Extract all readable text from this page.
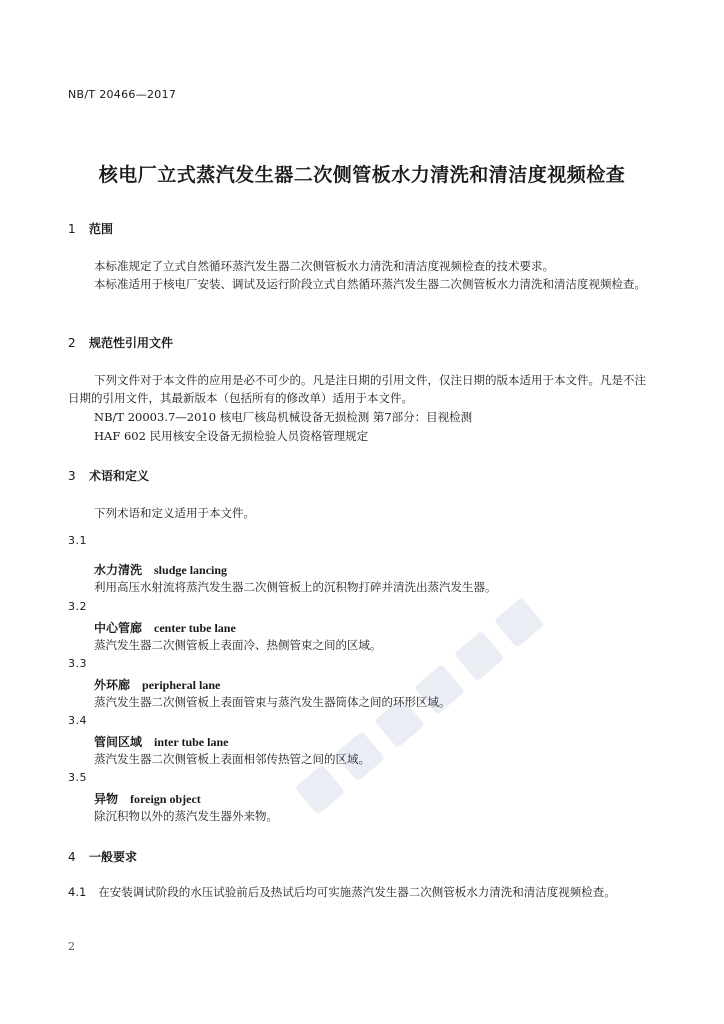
NB/T 20466—2017
核电厂立式蒸汽发生器二次侧管板水力清洗和清洁度视频检查
1 范围

本标准规定了立式自然循环蒸汽发生器二次侧管板水力清洗和清洁度视频检查的技术要求。

本标准适用于核电厂安装、调试及运行阶段立式自然循环蒸汽发生器二次侧管板水力清洗和清洁度视频检查。

2 规范性引用文件

下列文件对于本文件的应用是必不可少的。凡是注日期的引用文件，仅注日期的版本适用于本文件。凡是不注日期的引用文件，其最新版本（包括所有的修改单）适用于本文件。

NB/T 20003.7—2010 核电厂核岛机械设备无损检测 第7部分：目视检测
HAF 602 民用核安全设备无损检验人员资格管理规定
3 术语和定义

下列术语和定义适用于本文件。

3.1
水力清洗 sludge lancing
利用高压水射流将蒸汽发生器二次侧管板上的沉积物打碎并清洗出蒸汽发生器。
3.2
中心管廊 center tube lane
蒸汽发生器二次侧管板上表面冷、热侧管束之间的区域。
3.3
外环廊 peripheral lane
蒸汽发生器二次侧管板上表面管束与蒸汽发生器筒体之间的环形区域。
3.4
管间区域 inter tube lane
蒸汽发生器二次侧管板上表面相邻传热管之间的区域。
3.5
异物 foreign object
除沉积物以外的蒸汽发生器外来物。
4 一般要求

4.1 在安装调试阶段的水压试验前后及热试后均可实施蒸汽发生器二次侧管板水力清洗和清洁度视频检查。

2
